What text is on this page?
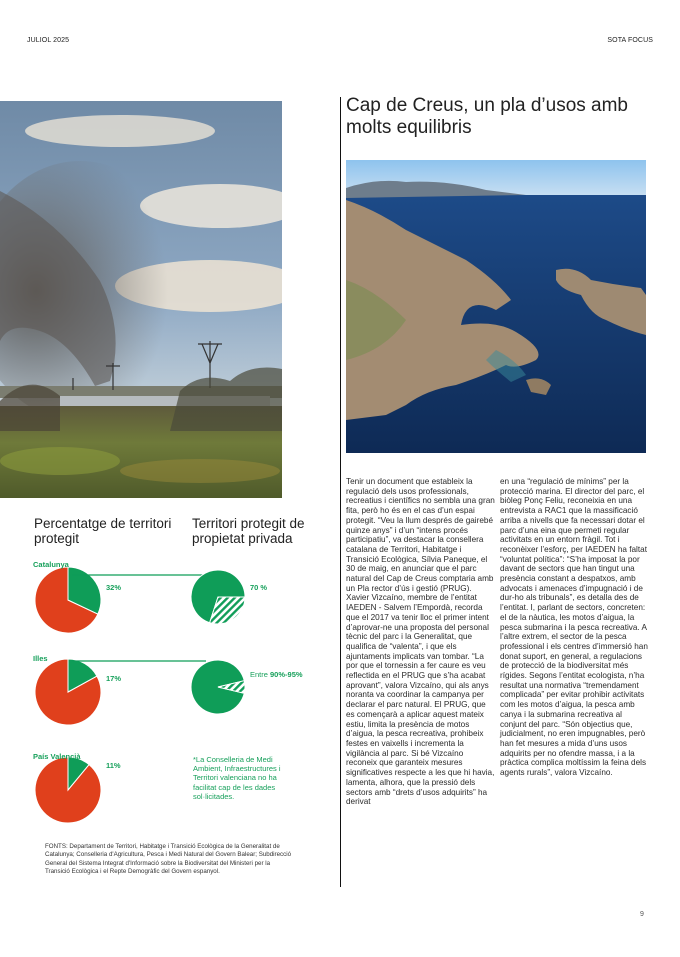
JULIOL 2025	SOTA FOCUS
Percentatge de territori protegit
Territori protegit de propietat privada
Catalunya
32%	70 %
Illes
17%	Entre 90%-95%
País Valencià
11%
*La Conselleria de Medi Ambient, Infraestructures i Territori valenciana no ha facilitat cap de les dades sol·licitades.
FONTS: Departament de Territori, Habitatge i Transició Ecològica de la Generalitat de Catalunya; Conselleria d'Agricultura, Pesca i Medi Natural del Govern Balear; Subdirecció General del Sistema Integrat d'Informació sobre la Biodiversitat del Ministeri per la Transició Ecològica i el Repte Demogràfic del Govern espanyol.
Cap de Creus, un pla d’usos amb molts equilibris

Tenir un document que estableix la regulació dels usos professionals, recreatius i científics no sembla una gran fita, però ho és en el cas d’un espai protegit. “Veu la llum després de gairebé quinze anys” i d’un “intens procés participatiu”, va destacar la consellera catalana de Territori, Habitatge i Transició Ecològica, Sílvia Paneque, el 30 de maig, en anunciar que el parc natural del Cap de Creus comptaria amb un Pla rector d’ús i gestió (PRUG). Xavier Vizcaíno, membre de l’entitat IAEDEN - Salvem l’Empordà, recorda que el 2017 va tenir lloc el primer intent d’aprovar-ne una proposta del personal tècnic del parc i la Generalitat, que qualifica de “valenta”, i que els ajuntaments implicats van tombar. “La por que el tornessin a fer caure es veu reflectida en el PRUG que s’ha acabat aprovant”, valora Vizcaíno, qui als anys noranta va coordinar la campanya per declarar el parc natural. El PRUG, que es començarà a aplicar aquest mateix estiu, limita la presència de motos d’aigua, la pesca recreativa, prohibeix festes en vaixells i incrementa la vigilància al parc. Si bé Vizcaíno reconeix que garanteix mesures significatives respecte a les que hi havia, lamenta, alhora, que la pressió dels sectors amb “drets d’usos adquirits” ha derivat

en una “regulació de mínims” per la protecció marina. El director del parc, el biòleg Ponç Feliu, reconeixia en una entrevista a RAC1 que la massificació arriba a nivells que fa necessari dotar el parc d’una eina que permeti regular activitats en un entorn fràgil. Tot i reconèixer l’esforç, per IAEDEN ha faltat “voluntat política”: “S’ha imposat la por davant de sectors que han tingut una presència constant a despatxos, amb advocats i amenaces d’impugnació i de dur-ho als tribunals”, es detalla des de l’entitat. I, parlant de sectors, concreten: el de la nàutica, les motos d’aigua, la pesca submarina i la pesca recreativa. A l’altre extrem, el sector de la pesca professional i els centres d’immersió han donat suport, en general, a regulacions de protecció de la biodiversitat més rígides. Segons l’entitat ecologista, n’ha resultat una normativa “tremendament complicada” per evitar prohibir activitats com les motos d’aigua, la pesca amb canya i la submarina recreativa al conjunt del parc. “Són objectius que, judicialment, no eren impugnables, però han fet mesures a mida d’uns usos adquirits per no ofendre massa, i a la pràctica complica moltíssim la feina dels agents rurals”, valora Vizcaíno.

9
